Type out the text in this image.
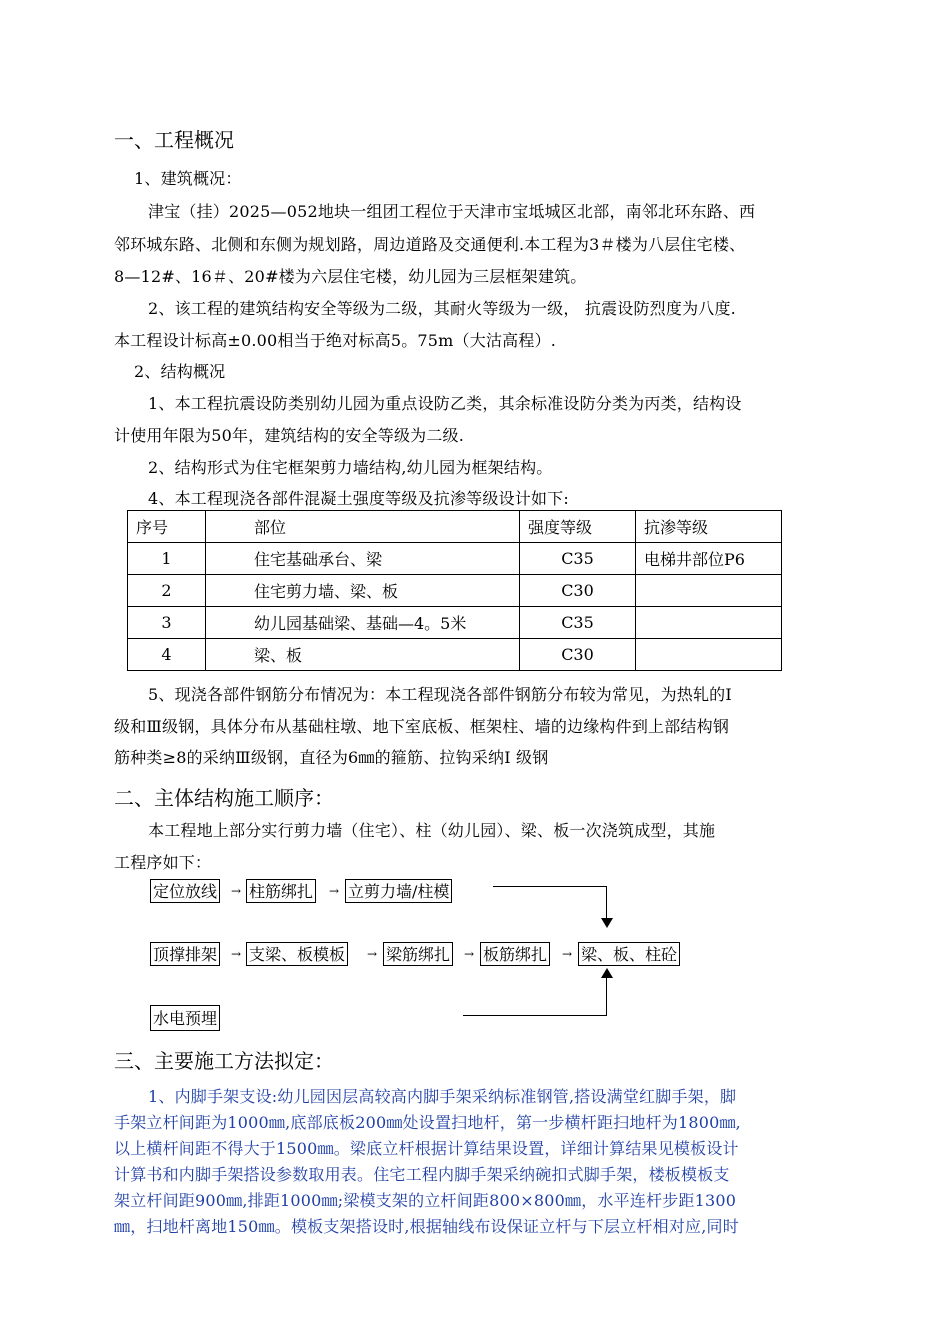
一、工程概况
1、建筑概况：
津宝（挂）2025—052地块一组团工程位于天津市宝坻城区北部，南邻北环东路、西
邻环城东路、北侧和东侧为规划路，周边道路及交通便利.本工程为3＃楼为八层住宅楼、
8—12#、16＃、20#楼为六层住宅楼，幼儿园为三层框架建筑。
2、该工程的建筑结构安全等级为二级，其耐火等级为一级， 抗震设防烈度为八度.
本工程设计标高±0.00相当于绝对标高5。75m（大沽高程）.
2、结构概况
1、本工程抗震设防类别幼儿园为重点设防乙类，其余标准设防分类为丙类，结构设
计使用年限为50年，建筑结构的安全等级为二级.
2、结构形式为住宅框架剪力墙结构,幼儿园为框架结构。
4、本工程现浇各部件混凝土强度等级及抗渗等级设计如下:
序号	部位	强度等级	抗渗等级
1	住宅基础承台、梁	C35	电梯井部位P6
2	住宅剪力墙、梁、板	C30	
3	幼儿园基础梁、基础—4。5米	C35	
4	梁、板	C30	
5、现浇各部件钢筋分布情况为：本工程现浇各部件钢筋分布较为常见，为热轧的Ⅰ
级和Ⅲ级钢，具体分布从基础柱墩、地下室底板、框架柱、墙的边缘构件到上部结构钢
筋种类≥8的采纳Ⅲ级钢，直径为6㎜的箍筋、拉钩采纳Ⅰ 级钢
二、主体结构施工顺序：
本工程地上部分实行剪力墙（住宅）、柱（幼儿园）、梁、板一次浇筑成型，其施
工程序如下：
定位放线 → 柱筋绑扎 → 立剪力墙/柱模
顶撑排架 → 支梁、板模板 → 梁筋绑扎 → 板筋绑扎 → 梁、板、柱砼
水电预埋
三、主要施工方法拟定：
1、内脚手架支设:幼儿园因层高较高内脚手架采纳标准钢管,搭设满堂红脚手架，脚
手架立杆间距为1000㎜,底部底板200㎜处设置扫地杆，第一步横杆距扫地杆为1800㎜,
以上横杆间距不得大于1500㎜。梁底立杆根据计算结果设置，详细计算结果见模板设计
计算书和内脚手架搭设参数取用表。住宅工程内脚手架采纳碗扣式脚手架，楼板模板支
架立杆间距900㎜,排距1000㎜;梁模支架的立杆间距800×800㎜，水平连杆步距1300
㎜，扫地杆离地150㎜。模板支架搭设时,根据轴线布设保证立杆与下层立杆相对应,同时
